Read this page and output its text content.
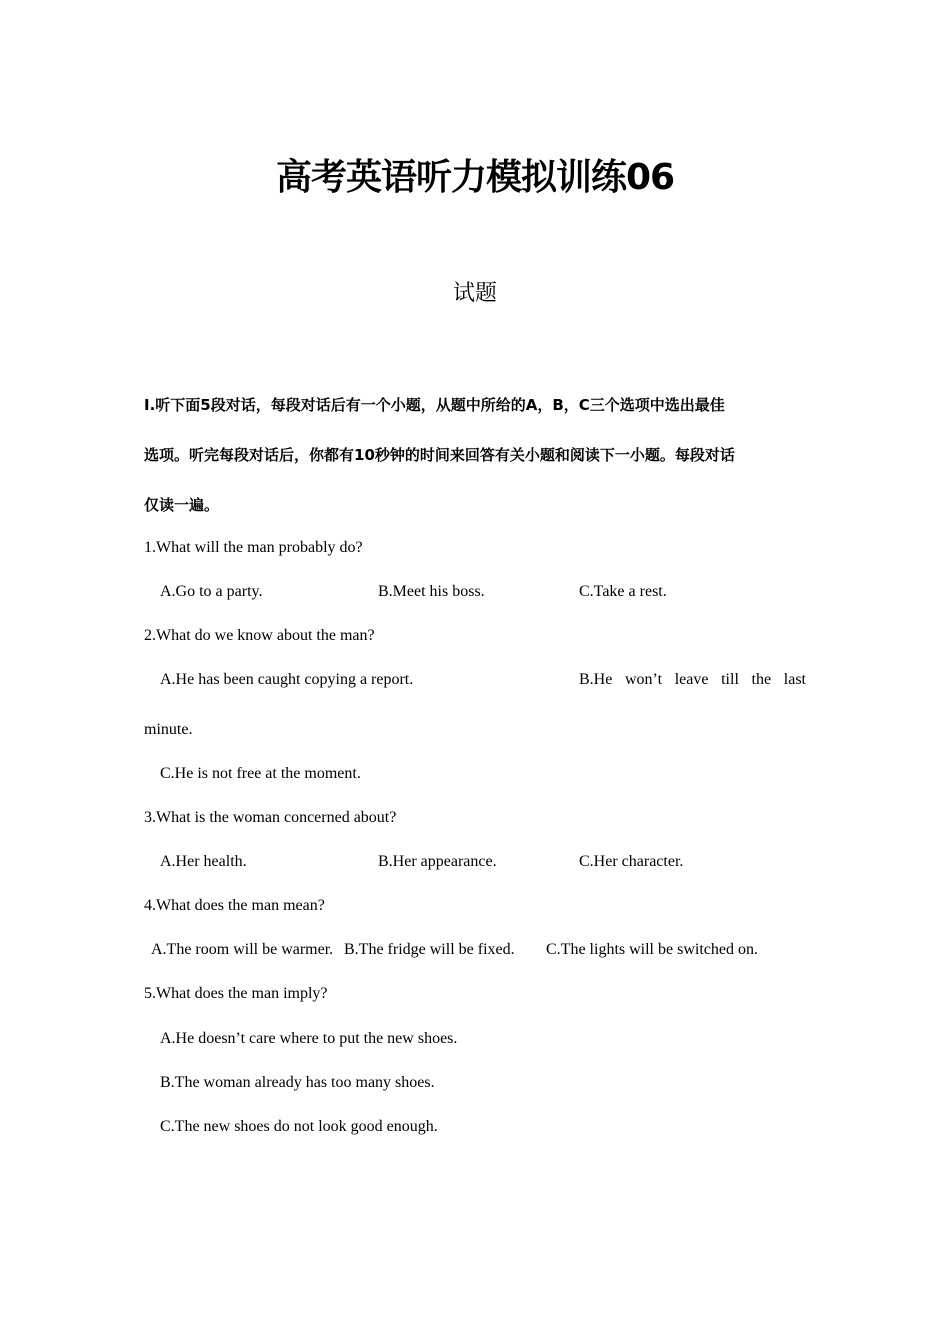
高考英语听力模拟训练06
试题
Ⅰ.听下面5段对话，每段对话后有一个小题，从题中所给的A，B，C三个选项中选出最佳
选项。听完每段对话后，你都有10秒钟的时间来回答有关小题和阅读下一小题。每段对话
仅读一遍。
1.What will the man probably do?
A.Go to a party.	B.Meet his boss.	C.Take a rest.
2.What do we know about the man?
A.He has been caught copying a report.	B.He won’t leave till the last
minute.
C.He is not free at the moment.
3.What is the woman concerned about?
A.Her health.	B.Her appearance.	C.Her character.
4.What does the man mean?
A.The room will be warmer. B.The fridge will be fixed. C.The lights will be switched on.
5.What does the man imply?
A.He doesn’t care where to put the new shoes.
B.The woman already has too many shoes.
C.The new shoes do not look good enough.
